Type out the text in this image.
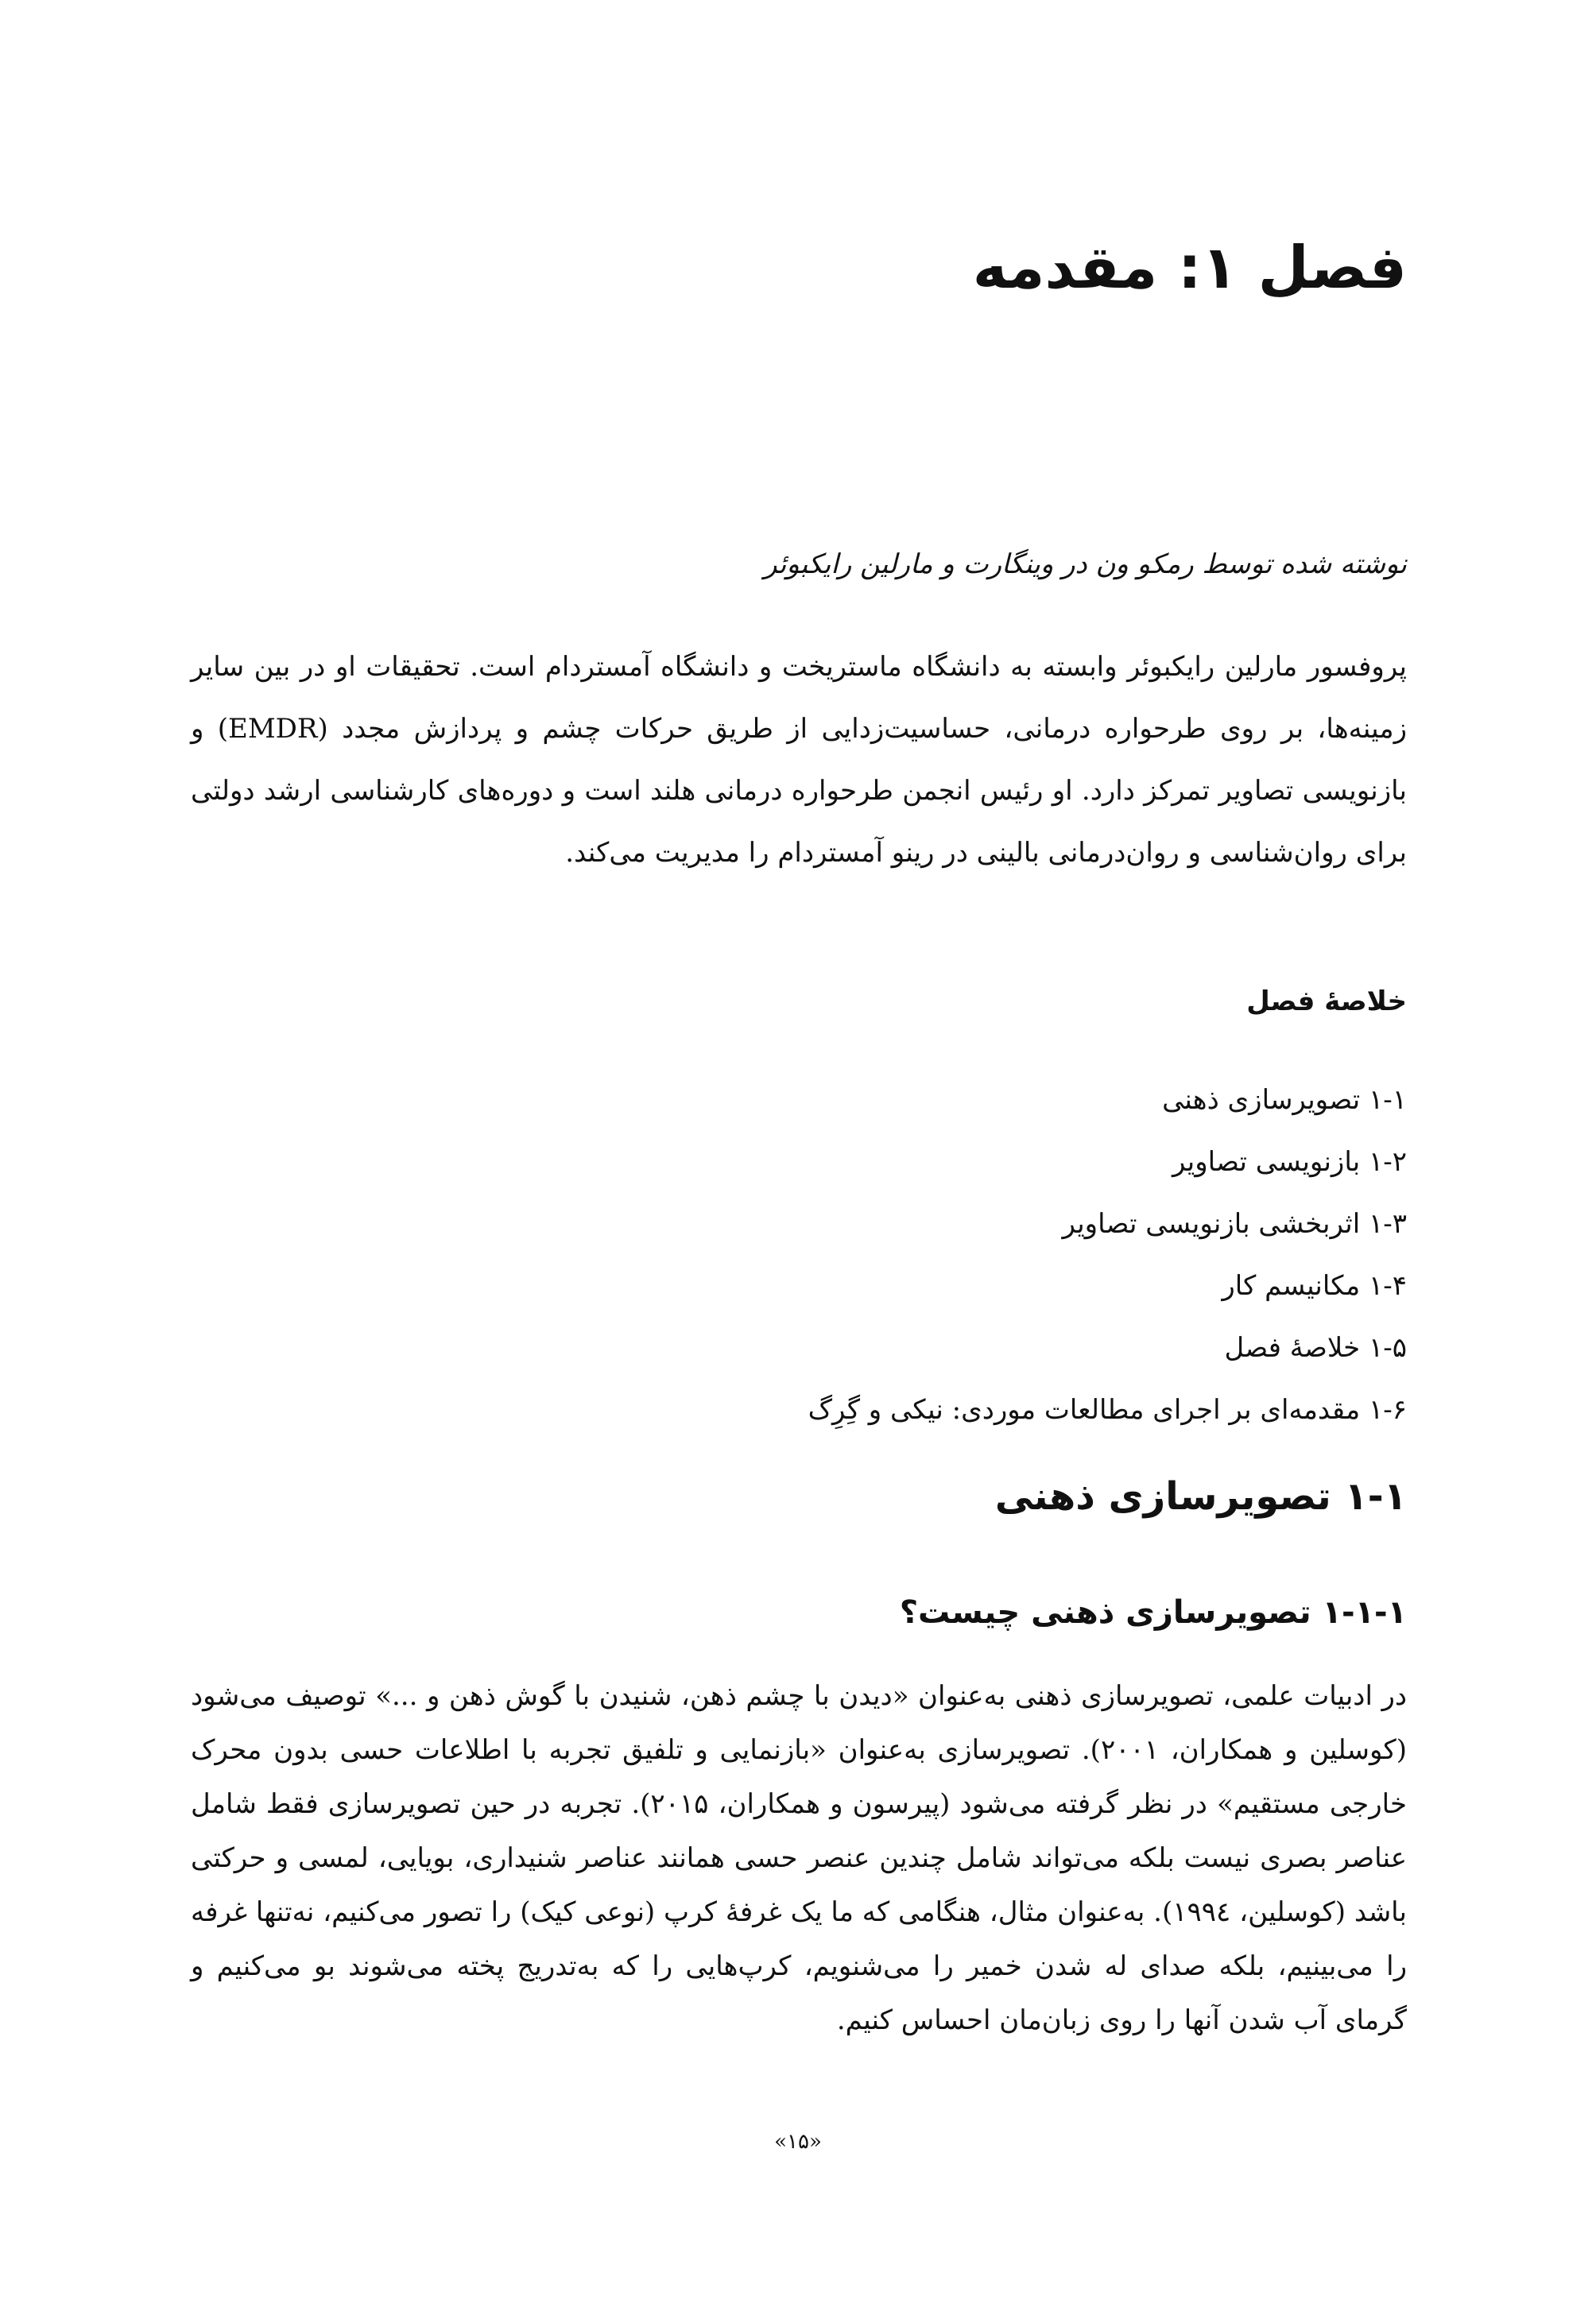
فصل ۱: مقدمه
نوشته شده توسط رمکو ون در وینگارت و مارلین رایکبوئر

پروفسور مارلین رایکبوئر وابسته به دانشگاه ماستریخت و دانشگاه آمستردام است. تحقیقات او در بین سایر زمینه‌ها، بر روی طرحواره درمانی، حساسیت‌زدایی از طریق حرکات چشم و پردازش مجدد (EMDR) و بازنویسی تصاویر تمرکز دارد. او رئیس انجمن طرحواره درمانی هلند است و دوره‌های کارشناسی ارشد دولتی برای روان‌شناسی و روان‌درمانی بالینی در رینو آمستردام را مدیریت می‌کند.

خلاصهٔ فصل
۱-۱ تصویرسازی ذهنی
۱-۲ بازنویسی تصاویر
۱-۳ اثربخشی بازنویسی تصاویر
۱-۴ مکانیسم کار
۱-۵ خلاصهٔ فصل
۱-۶ مقدمه‌ای بر اجرای مطالعات موردی: نیکی و گِرِگ
۱-۱ تصویرسازی ذهنی
۱-۱-۱ تصویرسازی ذهنی چیست؟

در ادبیات علمی، تصویرسازی ذهنی به‌عنوان «دیدن با چشم ذهن، شنیدن با گوش ذهن و ...» توصیف می‌شود (کوسلین و همکاران، ۲۰۰۱). تصویرسازی به‌عنوان «بازنمایی و تلفیق تجربه با اطلاعات حسی بدون محرک خارجی مستقیم» در نظر گرفته می‌شود (پیرسون و همکاران، ۲۰۱۵). تجربه در حین تصویرسازی فقط شامل عناصر بصری نیست بلکه می‌تواند شامل چندین عنصر حسی همانند عناصر شنیداری، بویایی، لمسی و حرکتی باشد (کوسلین، ۱۹۹٤). به‌عنوان مثال، هنگامی که ما یک غرفهٔ کرپ (نوعی کیک) را تصور می‌کنیم، نه‌تنها غرفه را می‌بینیم، بلکه صدای له شدن خمیر را می‌شنویم، کرپ‌هایی را که به‌تدریج پخته می‌شوند بو می‌کنیم و گرمای آب شدن آنها را روی زبان‌مان احساس کنیم.

«۱۵»
